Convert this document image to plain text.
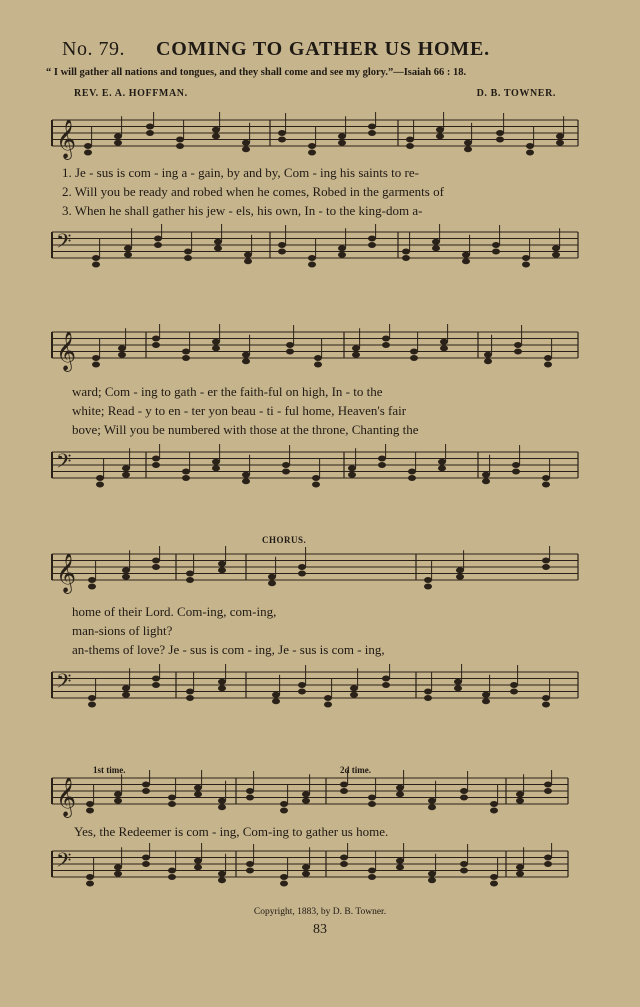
No. 79. COMING TO GATHER US HOME.
“ I will gather all nations and tongues, and they shall come and see my glory.”—Isaiah 66 : 18.
REV. E. A. HOFFMAN.	D. B. TOWNER.
𝄞
1. Je - sus is com - ing a - gain, by and by, Com - ing his saints to re-
2. Will you be ready and robed when he comes, Robed in the garments of
3. When he shall gather his jew - els, his own, In - to the king-dom a-
𝄢
𝄞
ward; Com - ing to gath - er the faith-ful on high, In - to the
white; Read - y to en - ter yon beau - ti - ful home, Heaven's fair
bove; Will you be numbered with those at the throne, Chanting the
𝄢
CHORUS.
𝄞
home of their Lord. Com-ing, com-ing,
man-sions of light?
an-thems of love? Je - sus is com - ing, Je - sus is com - ing,
𝄢
1st time.	2d time.
𝄞
Yes, the Redeemer is com - ing, Com-ing to gather us home.
𝄢
Copyright, 1883, by D. B. Towner.
83
